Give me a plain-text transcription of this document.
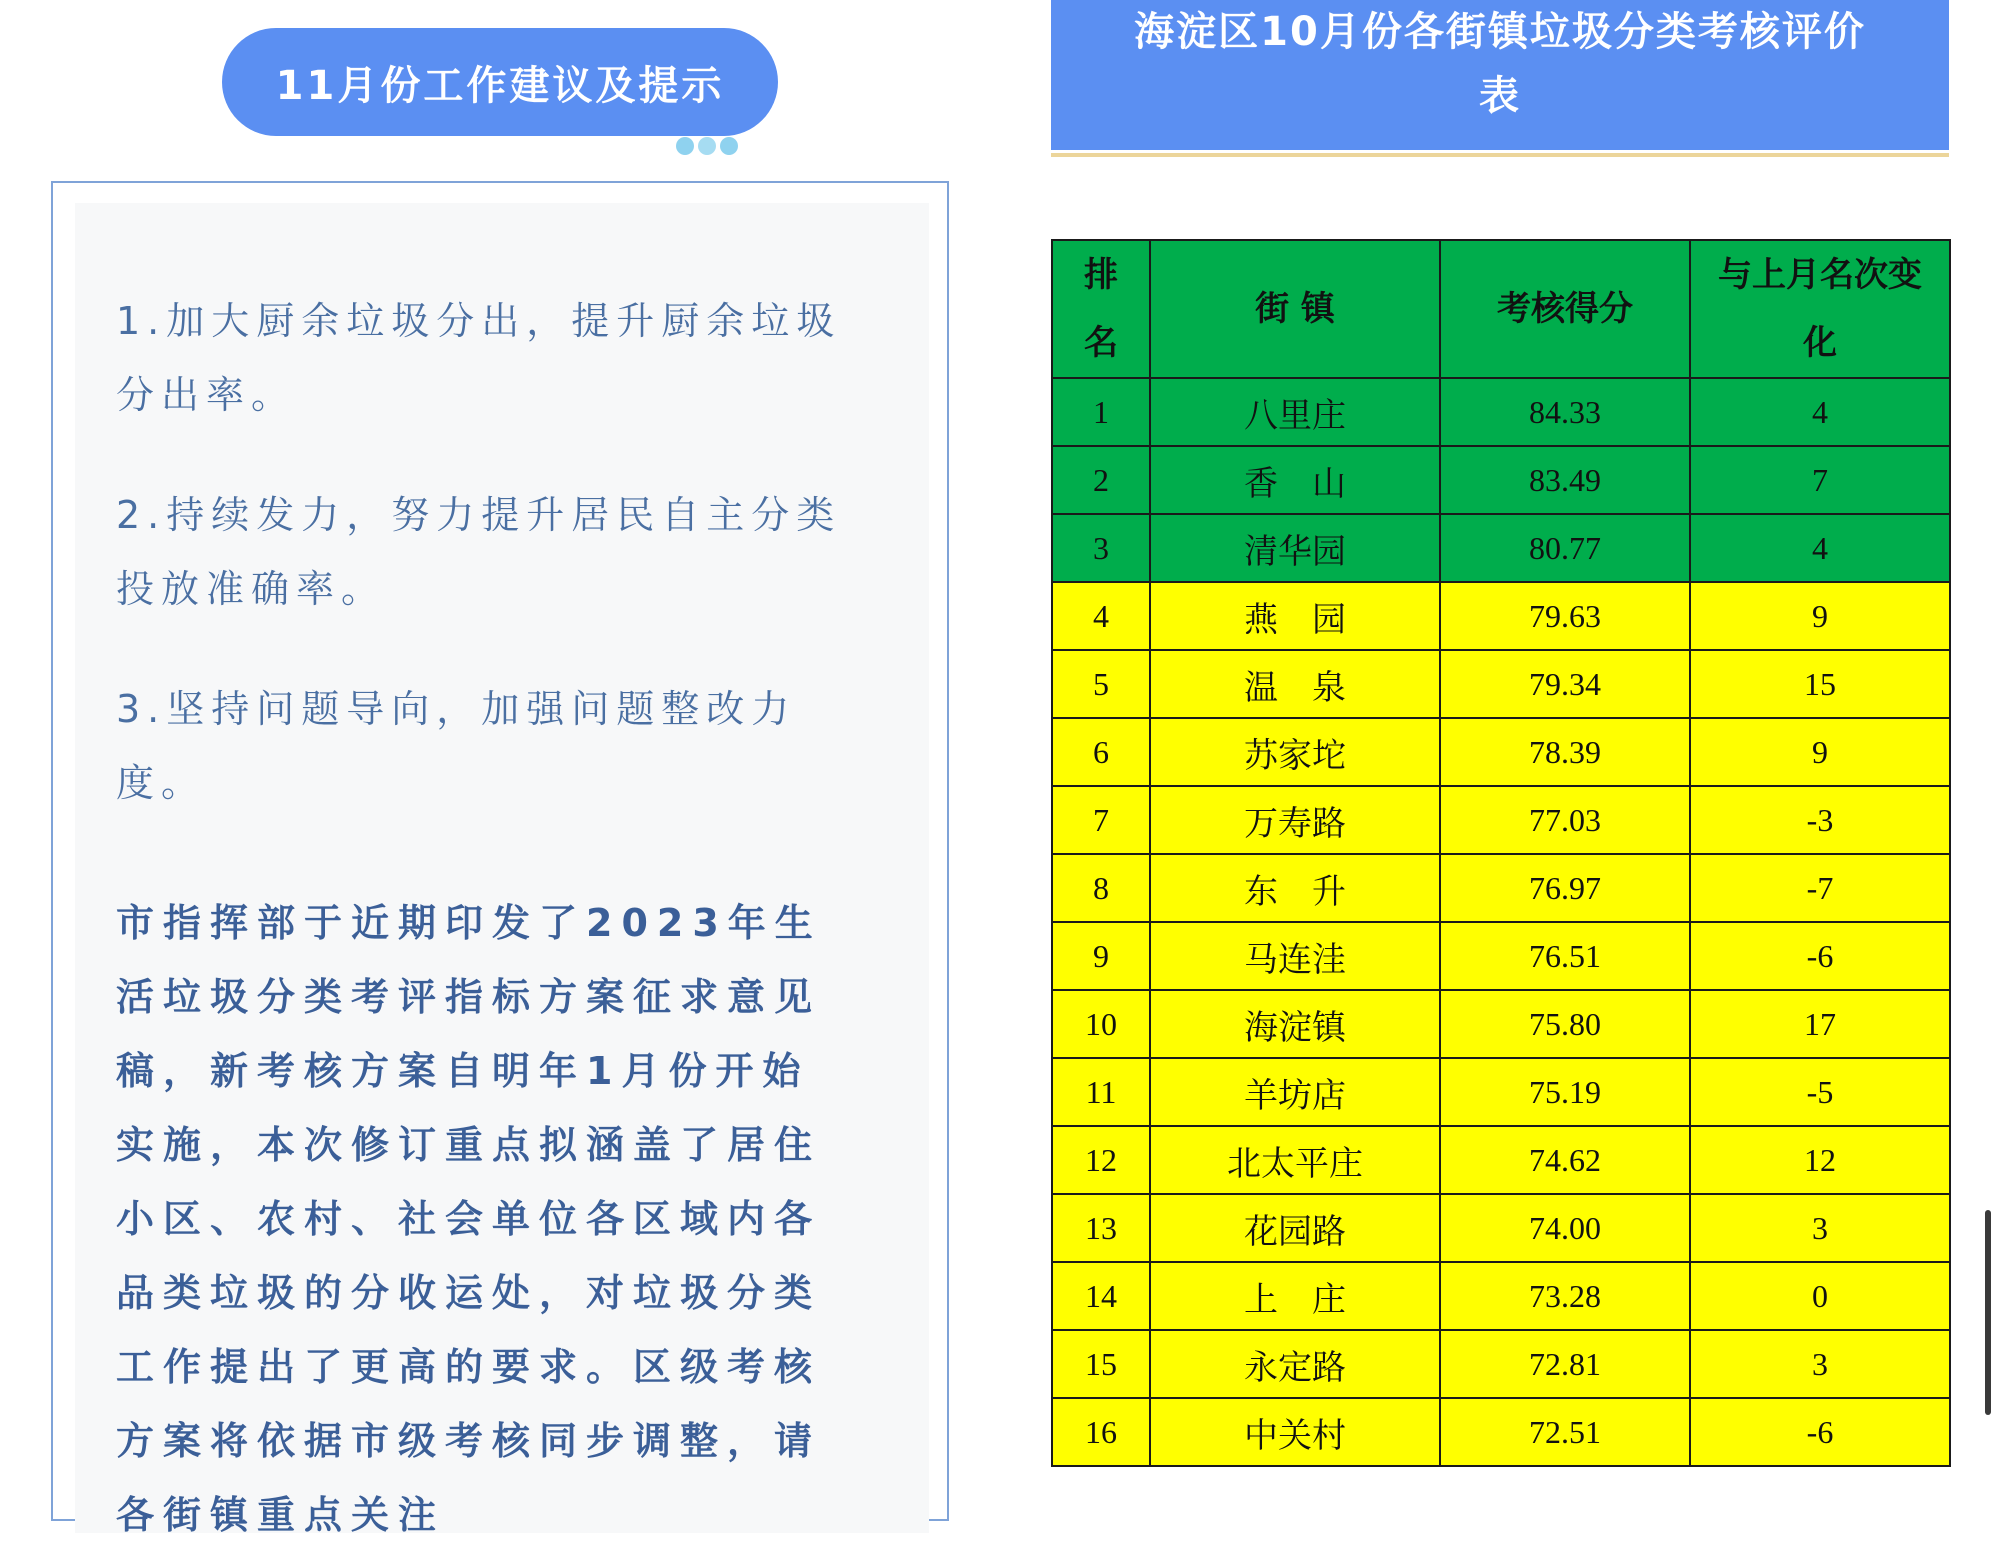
11月份工作建议及提示
1.加大厨余垃圾分出，提升厨余垃圾分出率。
2.持续发力，努力提升居民自主分类投放准确率。
3.坚持问题导向，加强问题整改力度。
市指挥部于近期印发了2023年生活垃圾分类考评指标方案征求意见稿，新考核方案自明年1月份开始实施，本次修订重点拟涵盖了居住小区、农村、社会单位各区域内各品类垃圾的分收运处，对垃圾分类工作提出了更高的要求。区级考核方案将依据市级考核同步调整，请各街镇重点关注
海淀区10月份各街镇垃圾分类考核评价
表
排名	街 镇	考核得分	与上月名次变化

1	八里庄	84.33	4
2	香　山	83.49	7
3	清华园	80.77	4
4	燕　园	79.63	9
5	温　泉	79.34	15
6	苏家坨	78.39	9
7	万寿路	77.03	-3
8	东　升	76.97	-7
9	马连洼	76.51	-6
10	海淀镇	75.80	17
11	羊坊店	75.19	-5
12	北太平庄	74.62	12
13	花园路	74.00	3
14	上　庄	73.28	0
15	永定路	72.81	3
16	中关村	72.51	-6
